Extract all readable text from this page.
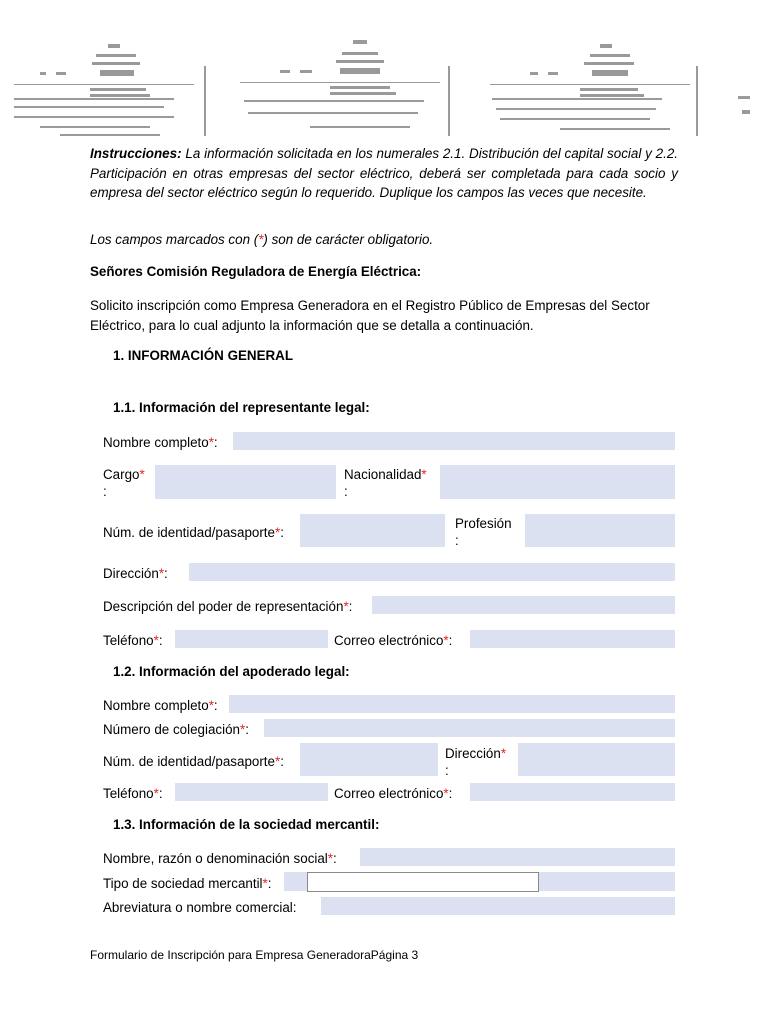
Instrucciones: La información solicitada en los numerales 2.1. Distribución del capital social y 2.2. Participación en otras empresas del sector eléctrico, deberá ser completada para cada socio y empresa del sector eléctrico según lo requerido. Duplique los campos las veces que necesite.
Los campos marcados con (*) son de carácter obligatorio.
Señores Comisión Reguladora de Energía Eléctrica:
Solicito inscripción como Empresa Generadora en el Registro Público de Empresas del Sector Eléctrico, para lo cual adjunto la información que se detalla a continuación.
1. INFORMACIÓN GENERAL
1.1. Información del representante legal:
Nombre completo*:
Cargo*
:
Nacionalidad*
:
Núm. de identidad/pasaporte*:
Profesión
:
Dirección*:
Descripción del poder de representación*:
Teléfono*:	Correo electrónico*:
1.2. Información del apoderado legal:
Nombre completo*:
Número de colegiación*:
Núm. de identidad/pasaporte*:
Dirección*
:
Teléfono*:	Correo electrónico*:
1.3. Información de la sociedad mercantil:
Nombre, razón o denominación social*:
Tipo de sociedad mercantil*:
Abreviatura o nombre comercial:
Formulario de Inscripción para Empresa GeneradoraPágina 3
